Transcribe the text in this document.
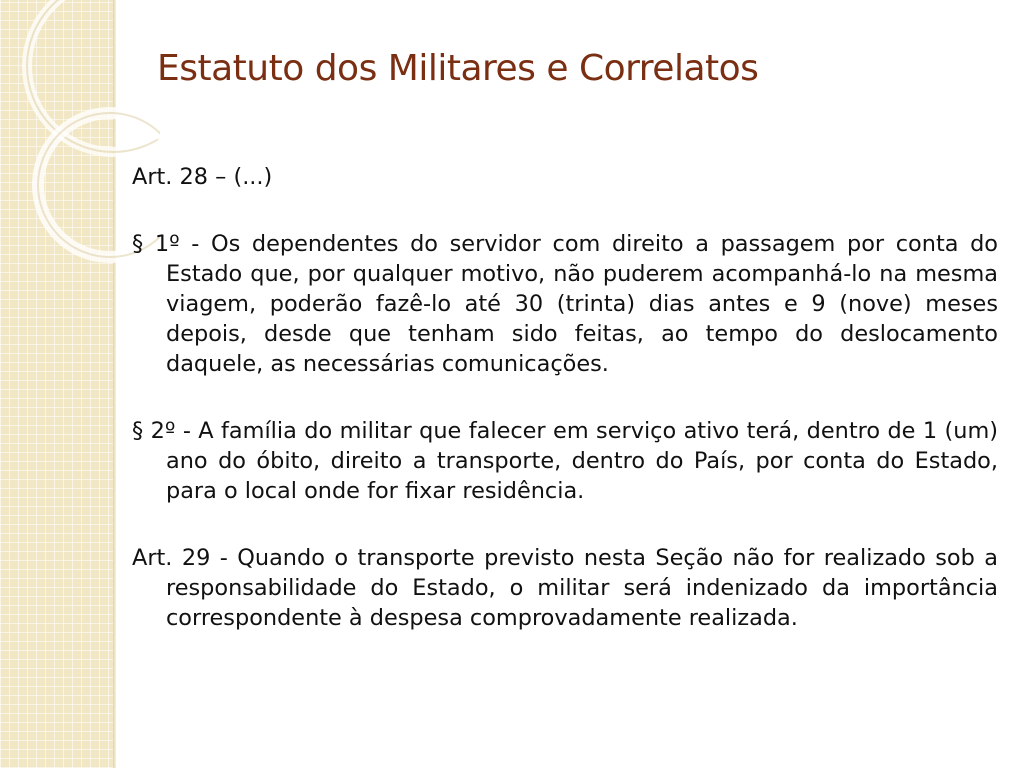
Estatuto dos Militares e Correlatos

Art. 28 – (...)

§ 1º - Os dependentes do servidor com direito a passagem por conta do Estado que, por qualquer motivo, não puderem acompanhá-lo na mesma viagem, poderão fazê-lo até 30 (trinta) dias antes e 9 (nove) meses depois, desde que tenham sido feitas, ao tempo do deslocamento daquele, as necessárias comunicações.

§ 2º - A família do militar que falecer em serviço ativo terá, dentro de 1 (um) ano do óbito, direito a transporte, dentro do País, por conta do Estado, para o local onde for fixar residência.

Art. 29 - Quando o transporte previsto nesta Seção não for realizado sob a responsabilidade do Estado, o militar será indenizado da importância correspondente à despesa comprovadamente realizada.
